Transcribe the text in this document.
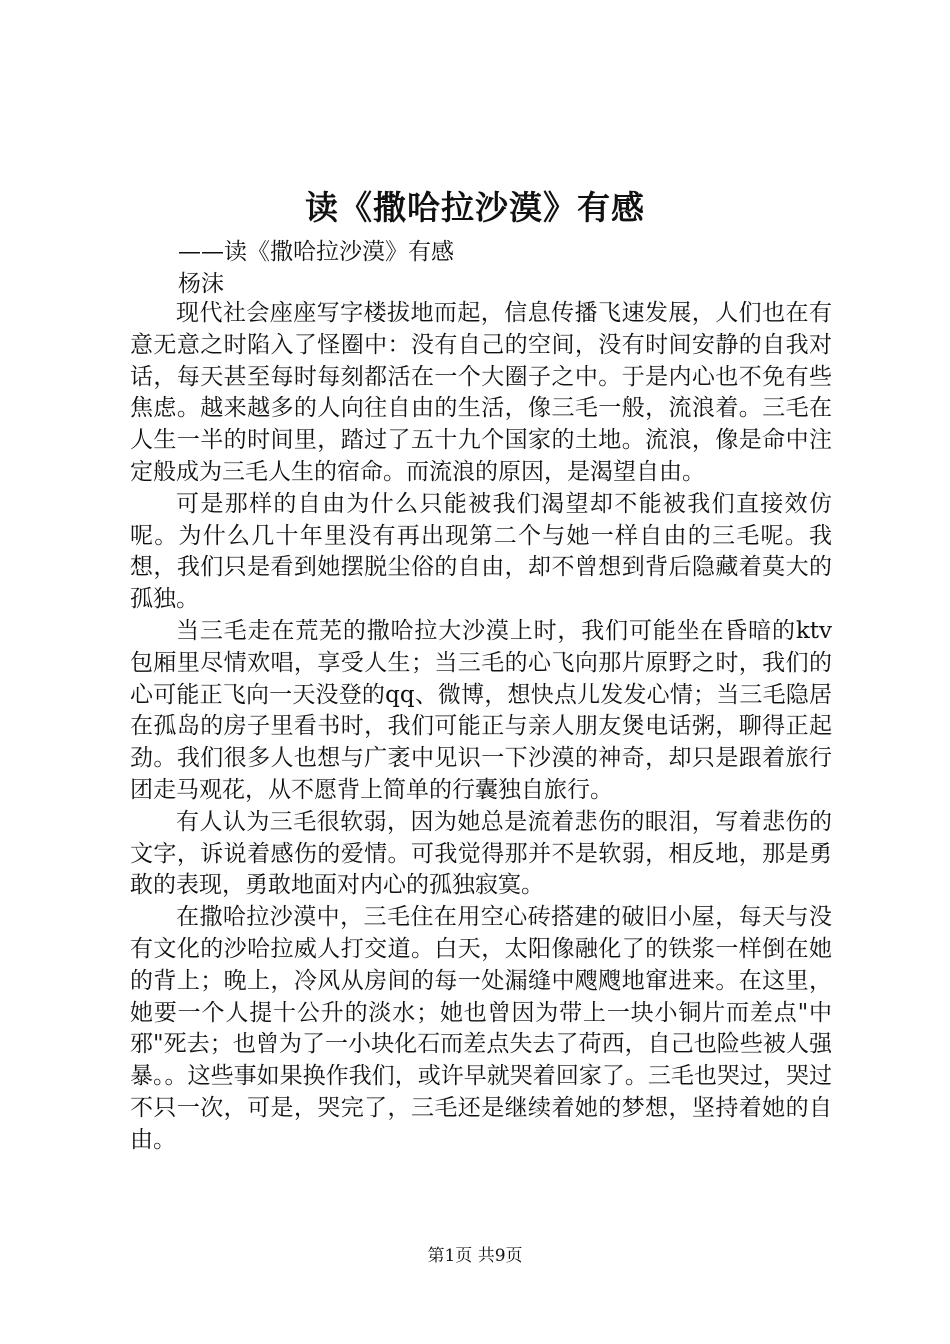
读《撒哈拉沙漠》有感
——读《撒哈拉沙漠》有感
杨沫

现代社会座座写字楼拔地而起，信息传播飞速发展，人们也在有意无意之时陷入了怪圈中：没有自己的空间，没有时间安静的自我对话，每天甚至每时每刻都活在一个大圈子之中。于是内心也不免有些焦虑。越来越多的人向往自由的生活，像三毛一般，流浪着。三毛在人生一半的时间里，踏过了五十九个国家的土地。流浪，像是命中注定般成为三毛人生的宿命。而流浪的原因，是渴望自由。

可是那样的自由为什么只能被我们渴望却不能被我们直接效仿呢。为什么几十年里没有再出现第二个与她一样自由的三毛呢。我想，我们只是看到她摆脱尘俗的自由，却不曾想到背后隐藏着莫大的孤独。

当三毛走在荒芜的撒哈拉大沙漠上时，我们可能坐在昏暗的ktv包厢里尽情欢唱，享受人生；当三毛的心飞向那片原野之时，我们的心可能正飞向一天没登的qq、微博，想快点儿发发心情；当三毛隐居在孤岛的房子里看书时，我们可能正与亲人朋友煲电话粥，聊得正起劲。我们很多人也想与广袤中见识一下沙漠的神奇，却只是跟着旅行团走马观花，从不愿背上简单的行囊独自旅行。

有人认为三毛很软弱，因为她总是流着悲伤的眼泪，写着悲伤的文字，诉说着感伤的爱情。可我觉得那并不是软弱，相反地，那是勇敢的表现，勇敢地面对内心的孤独寂寞。

在撒哈拉沙漠中，三毛住在用空心砖搭建的破旧小屋，每天与没有文化的沙哈拉威人打交道。白天，太阳像融化了的铁浆一样倒在她的背上；晚上，冷风从房间的每一处漏缝中飕飕地窜进来。在这里，她要一个人提十公升的淡水；她也曾因为带上一块小铜片而差点"中邪"死去；也曾为了一小块化石而差点失去了荷西，自己也险些被人强暴。。这些事如果换作我们，或许早就哭着回家了。三毛也哭过，哭过不只一次，可是，哭完了，三毛还是继续着她的梦想，坚持着她的自由。

第1页 共9页
